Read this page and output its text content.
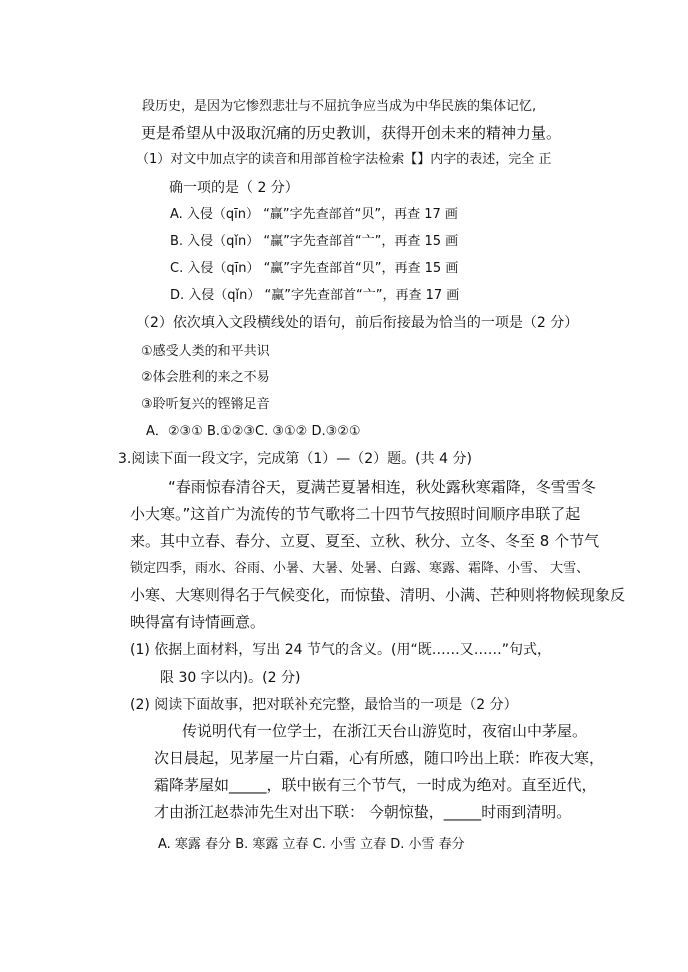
段历史，是因为它惨烈悲壮与不屈抗争应当成为中华民族的集体记忆,
更是希望从中汲取沉痛的历史教训，获得开创未来的精神力量。
（1）对文中加点字的读音和用部首检字法检索【】内字的表述，完全 正
确一项的是（ 2 分）
A. 入侵（qīn） “赢”字先查部首“贝”，再查 17 画
B. 入侵（qǐn） “赢”字先查部首“亠”，再查 15 画
C. 入侵（qīn） “赢”字先查部首“贝”，再查 15 画
D. 入侵（qǐn） “赢”字先查部首“亠”，再查 17 画
（2）依次填入文段横线处的语句，前后衔接最为恰当的一项是（2 分）
①感受人类的和平共识
②体会胜利的来之不易
③聆听复兴的铿锵足音
A．②③① B.①②③C. ③①② D.③②①
3.阅读下面一段文字，完成第（1）—（2）题。(共 4 分)
“春雨惊春清谷天，夏满芒夏暑相连，秋处露秋寒霜降，冬雪雪冬
小大寒。”这首广为流传的节气歌将二十四节气按照时间顺序串联了起
来。其中立春、春分、立夏、夏至、立秋、秋分、立冬、冬至 8 个节气
锁定四季，雨水、谷雨、小暑、大暑、处暑、白露、寒露、霜降、小雪、 大雪、
小寒、大寒则得名于气候变化，而惊蛰、清明、小满、芒种则将物候现象反
映得富有诗情画意。
(1) 依据上面材料，写出 24 节气的含义。(用“既……又……”句式，
限 30 字以内)。(2 分)
(2) 阅读下面故事，把对联补充完整，最恰当的一项是（2 分）
传说明代有一位学士，在浙江天台山游览时，夜宿山中茅屋。
次日晨起，见茅屋一片白霜，心有所感，随口吟出上联：昨夜大寒，
霜降茅屋如_____，联中嵌有三个节气，一时成为绝对。直至近代，
才由浙江赵恭沛先生对出下联： 今朝惊蛰，_____时雨到清明。
A. 寒露 春分 B. 寒露 立春 C. 小雪 立春 D. 小雪 春分
